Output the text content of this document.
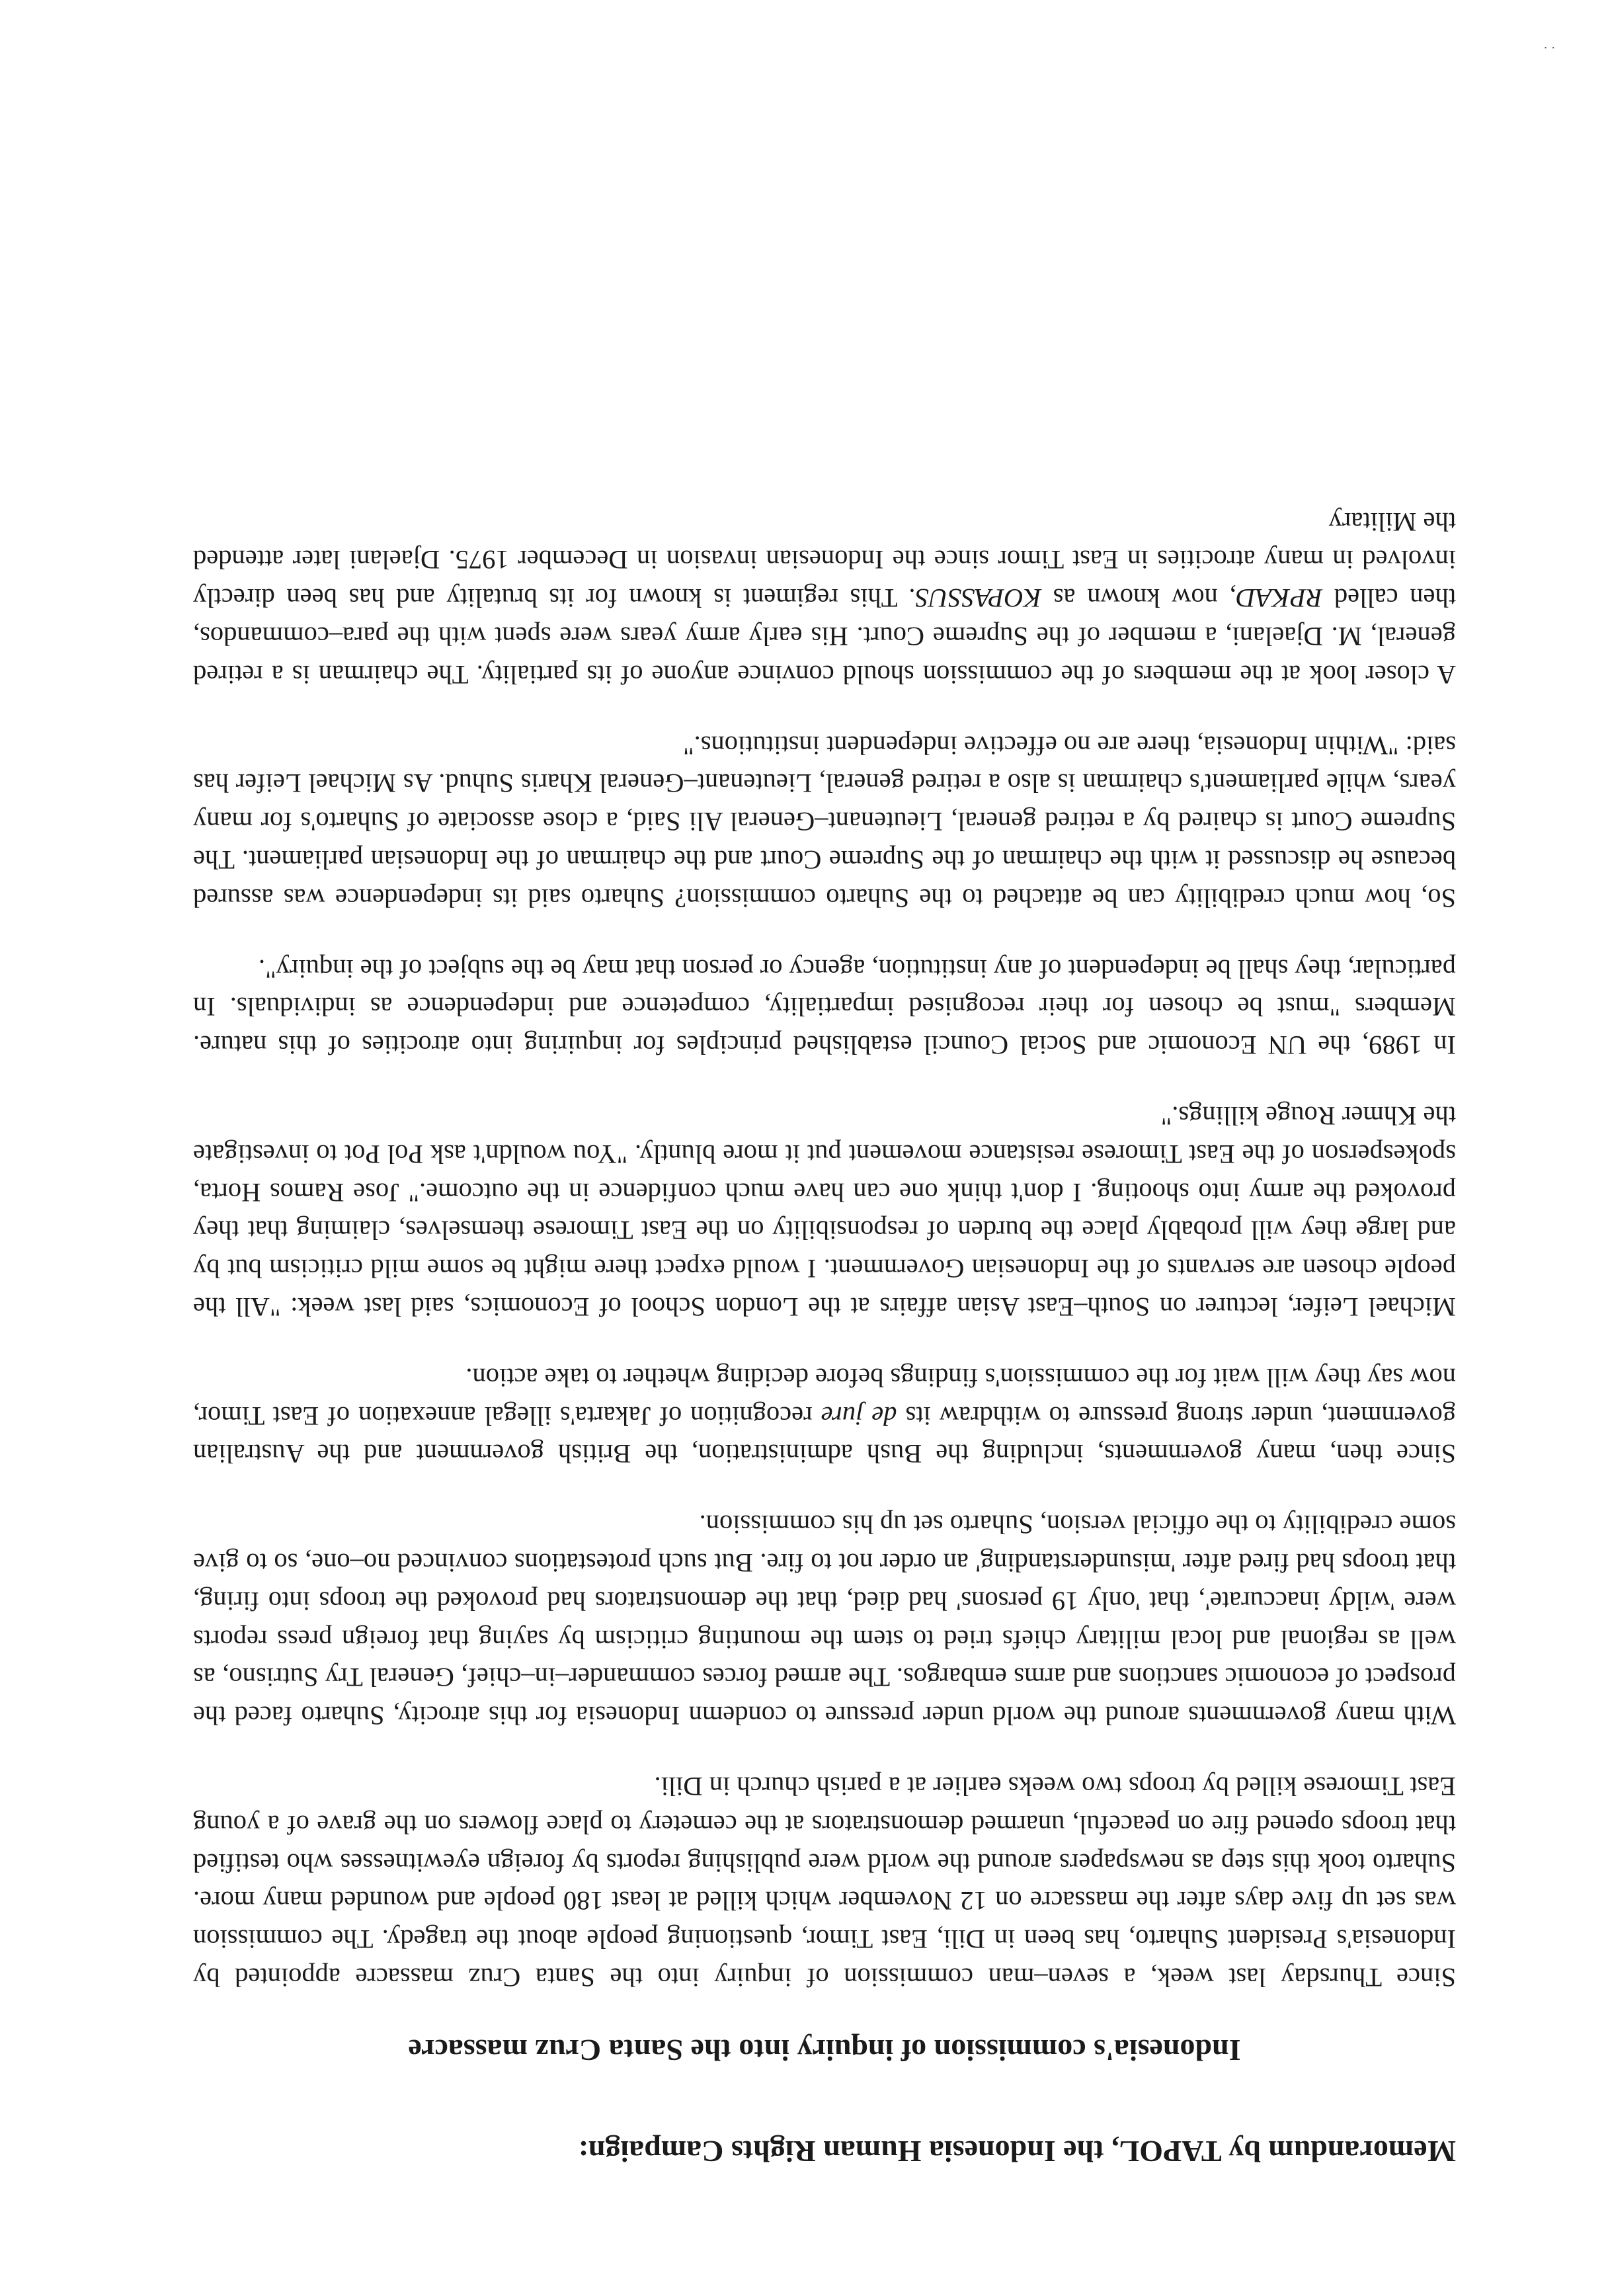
Memorandum by TAPOL, the Indonesia Human Rights Campaign:

Indonesia's commission of inquiry into the Santa Cruz massacre

Since Thursday last week, a seven–man commission of inquiry into the Santa Cruz massacre appointed by Indonesia's President Suharto, has been in Dili, East Timor, questioning people about the tragedy. The commission was set up five days after the massacre on 12 November which killed at least 180 people and wounded many more. Suharto took this step as newspapers around the world were publishing reports by foreign eyewitnesses who testified that troops opened fire on peaceful, unarmed demonstrators at the cemetery to place flowers on the grave of a young East Timorese killed by troops two weeks earlier at a parish church in Dili.

With many governments around the world under pressure to condemn Indonesia for this atrocity, Suharto faced the prospect of economic sanctions and arms embargos. The armed forces commander–in–chief, General Try Sutrisno, as well as regional and local military chiefs tried to stem the mounting criticism by saying that foreign press reports were 'wildy inaccurate', that 'only 19 persons' had died, that the demonstrators had provoked the troops into firing, that troops had fired after 'misunderstanding' an order not to fire. But such protestations convinced no–one, so to give some credibility to the official version, Suharto set up his commission.

Since then, many governments, including the Bush administration, the British government and the Australian government, under strong pressure to withdraw its de jure recognition of Jakarta's illegal annexation of East Timor, now say they will wait for the commission's findings before deciding whether to take action.

Michael Leifer, lecturer on South–East Asian affairs at the London School of Economics, said last week: "All the people chosen are servants of the Indonesian Government. I would expect there might be some mild criticism but by and large they will probably place the burden of responsibility on the East Timorese themselves, claiming that they provoked the army into shooting. I don't think one can have much confidence in the outcome." Jose Ramos Horta, spokesperson of the East Timorese resistance movement put it more bluntly. "You wouldn't ask Pol Pot to investigate the Khmer Rouge killings."

In 1989, the UN Economic and Social Council established principles for inquiring into atrocities of this nature. Members "must be chosen for their recognised impartiality, competence and independence as individuals. In particular, they shall be independent of any institution, agency or person that may be the subject of the inquiry".

So, how much credibility can be attached to the Suharto commission? Suharto said its independence was assured because he discussed it with the chairman of the Supreme Court and the chairman of the Indonesian parliament. The Supreme Court is chaired by a retired general, Lieutenant–General Ali Said, a close associate of Suharto's for many years, while parliament's chairman is also a retired general, Lieutenant–General Kharis Suhud. As Michael Leifer has said: "Within Indonesia, there are no effective independent institutions."

A closer look at the members of the commission should convince anyone of its partiality. The chairman is a retired general, M. Djaelani, a member of the Supreme Court. His early army years were spent with the para–commandos, then called RPKAD, now known as KOPASSUS. This regiment is known for its brutality and has been directly involved in many atrocities in East Timor since the Indonesian invasion in December 1975. Djaelani later attended the Military

· ·
